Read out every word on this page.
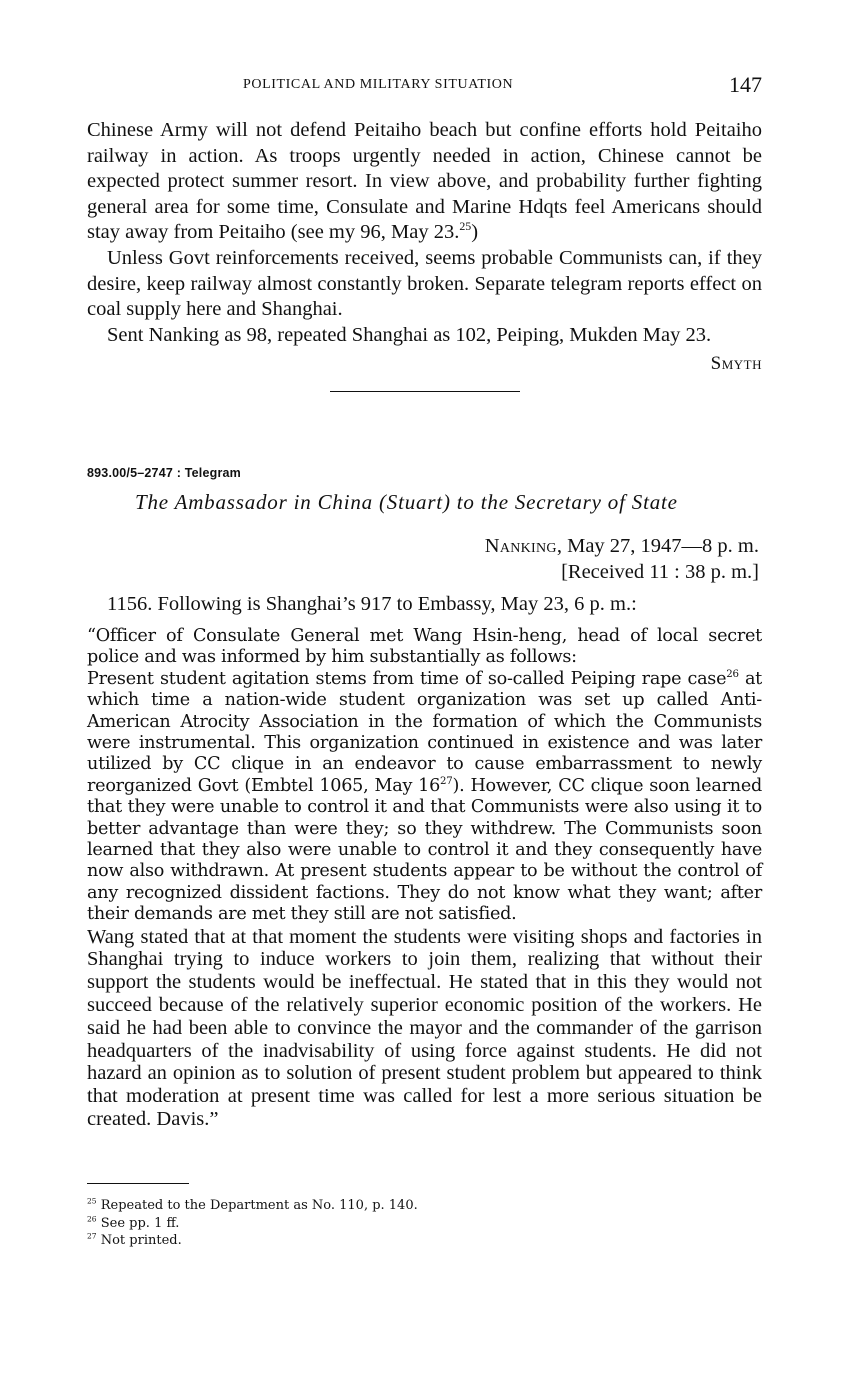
POLITICAL AND MILITARY SITUATION	147

Chinese Army will not defend Peitaiho beach but confine efforts hold Peitaiho railway in action. As troops urgently needed in action, Chinese cannot be expected protect summer resort. In view above, and probability further fighting general area for some time, Consulate and Marine Hdqts feel Americans should stay away from Peitaiho (see my 96, May 23.25)

Unless Govt reinforcements received, seems probable Communists can, if they desire, keep railway almost constantly broken. Separate telegram reports effect on coal supply here and Shanghai.

Sent Nanking as 98, repeated Shanghai as 102, Peiping, Mukden May 23.

Smyth
893.00/5–2747 : Telegram
The Ambassador in China (Stuart) to the Secretary of State
Nanking, May 27, 1947—8 p. m.
[Received 11 : 38 p. m.]

1156. Following is Shanghai’s 917 to Embassy, May 23, 6 p. m.:

“Officer of Consulate General met Wang Hsin-heng, head of local secret police and was informed by him substantially as follows:

Present student agitation stems from time of so-called Peiping rape case$^{26}$ at which time a nation-wide student organization was set up called Anti-American Atrocity Association in the formation of which the Communists were instrumental. This organization continued in existence and was later utilized by CC clique in an endeavor to cause embarrassment to newly reorganized Govt (Embtel 1065, May $16^{27}$). However, CC clique soon learned that they were unable to control it and that Communists were also using it to better advantage than were they; so they withdrew. The Communists soon learned that they also were unable to control it and they consequently have now also withdrawn. At present students appear to be without the control of any recognized dissident factions. They do not know what they want; after their demands are met they still are not satisfied.

Wang stated that at that moment the students were visiting shops and factories in Shanghai trying to induce workers to join them, realizing that without their support the students would be ineffectual. He stated that in this they would not succeed because of the relatively superior economic position of the workers. He said he had been able to convince the mayor and the commander of the garrison headquarters of the inadvisability of using force against students. He did not hazard an opinion as to solution of present student problem but appeared to think that moderation at present time was called for lest a more serious situation be created. Davis.”

$^{25}$ Repeated to the Department as No. 110, p. 140.

$^{26}$ See pp. 1 ff.

$^{27}$ Not printed.
